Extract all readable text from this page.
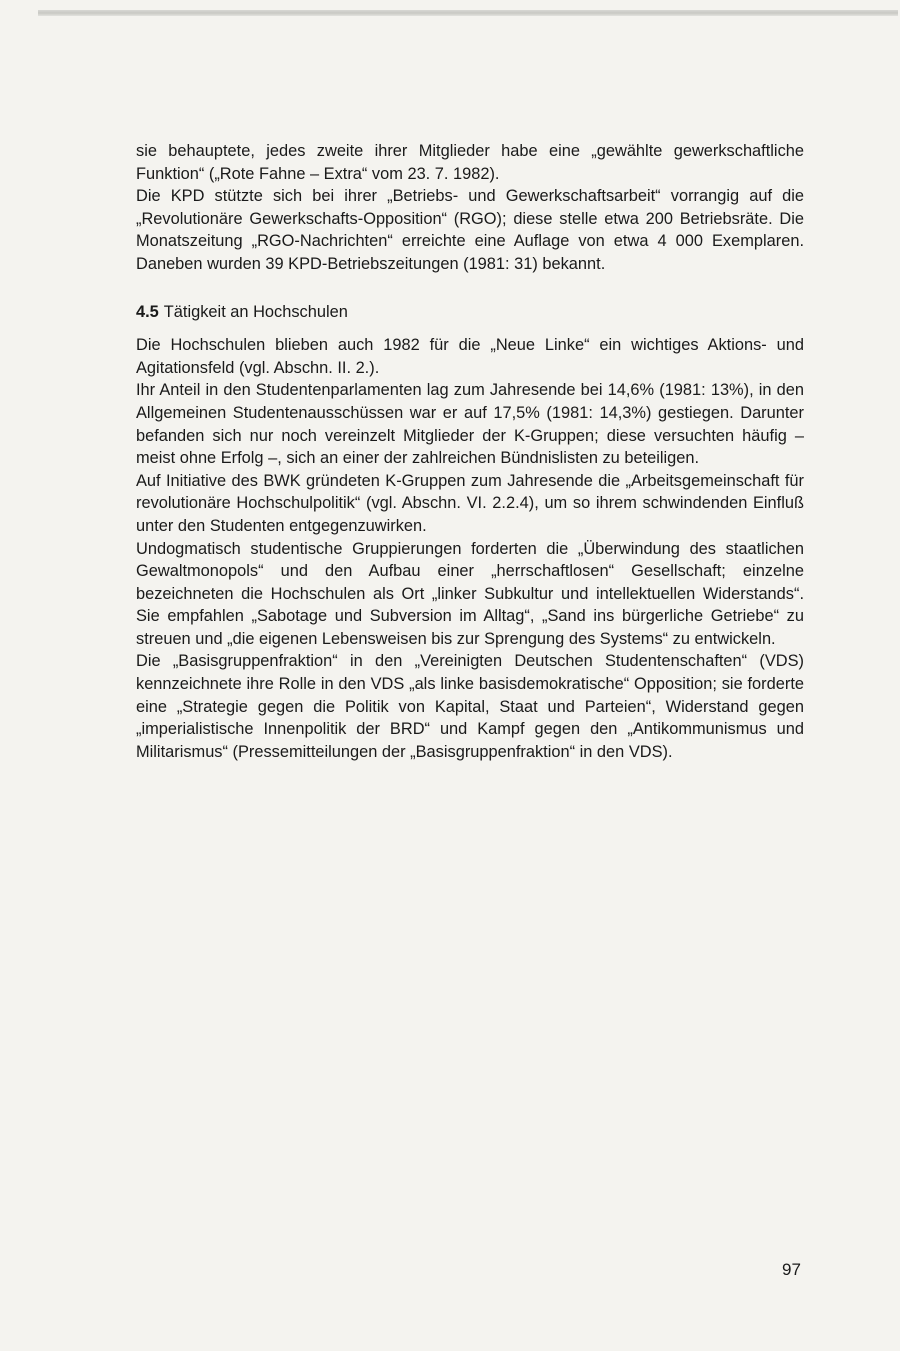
sie behauptete, jedes zweite ihrer Mitglieder habe eine „gewählte gewerkschaftliche Funktion“ („Rote Fahne – Extra“ vom 23. 7. 1982).

Die KPD stützte sich bei ihrer „Betriebs- und Gewerkschaftsarbeit“ vorrangig auf die „Revolutionäre Gewerkschafts-Opposition“ (RGO); diese stelle etwa 200 Betriebsräte. Die Monatszeitung „RGO-Nachrichten“ erreichte eine Auflage von etwa 4 000 Exemplaren. Daneben wurden 39 KPD-Betriebszeitungen (1981: 31) bekannt.

4.5 Tätigkeit an Hochschulen

Die Hochschulen blieben auch 1982 für die „Neue Linke“ ein wichtiges Aktions- und Agitationsfeld (vgl. Abschn. II. 2.).

Ihr Anteil in den Studentenparlamenten lag zum Jahresende bei 14,6% (1981: 13%), in den Allgemeinen Studentenausschüssen war er auf 17,5% (1981: 14,3%) gestiegen. Darunter befanden sich nur noch vereinzelt Mitglieder der K-Gruppen; diese versuchten häufig – meist ohne Erfolg –, sich an einer der zahlreichen Bündnislisten zu beteiligen.

Auf Initiative des BWK gründeten K-Gruppen zum Jahresende die „Arbeitsgemeinschaft für revolutionäre Hochschulpolitik“ (vgl. Abschn. VI. 2.2.4), um so ihrem schwindenden Einfluß unter den Studenten entgegenzuwirken.

Undogmatisch studentische Gruppierungen forderten die „Überwindung des staatlichen Gewaltmonopols“ und den Aufbau einer „herrschaftlosen“ Gesellschaft; einzelne bezeichneten die Hochschulen als Ort „linker Subkultur und intellektuellen Widerstands“. Sie empfahlen „Sabotage und Subversion im Alltag“, „Sand ins bürgerliche Getriebe“ zu streuen und „die eigenen Lebensweisen bis zur Sprengung des Systems“ zu entwickeln.

Die „Basisgruppenfraktion“ in den „Vereinigten Deutschen Studentenschaften“ (VDS) kennzeichnete ihre Rolle in den VDS „als linke basisdemokratische“ Opposition; sie forderte eine „Strategie gegen die Politik von Kapital, Staat und Parteien“, Widerstand gegen „imperialistische Innenpolitik der BRD“ und Kampf gegen den „Antikommunismus und Militarismus“ (Pressemitteilungen der „Basisgruppenfraktion“ in den VDS).

97
